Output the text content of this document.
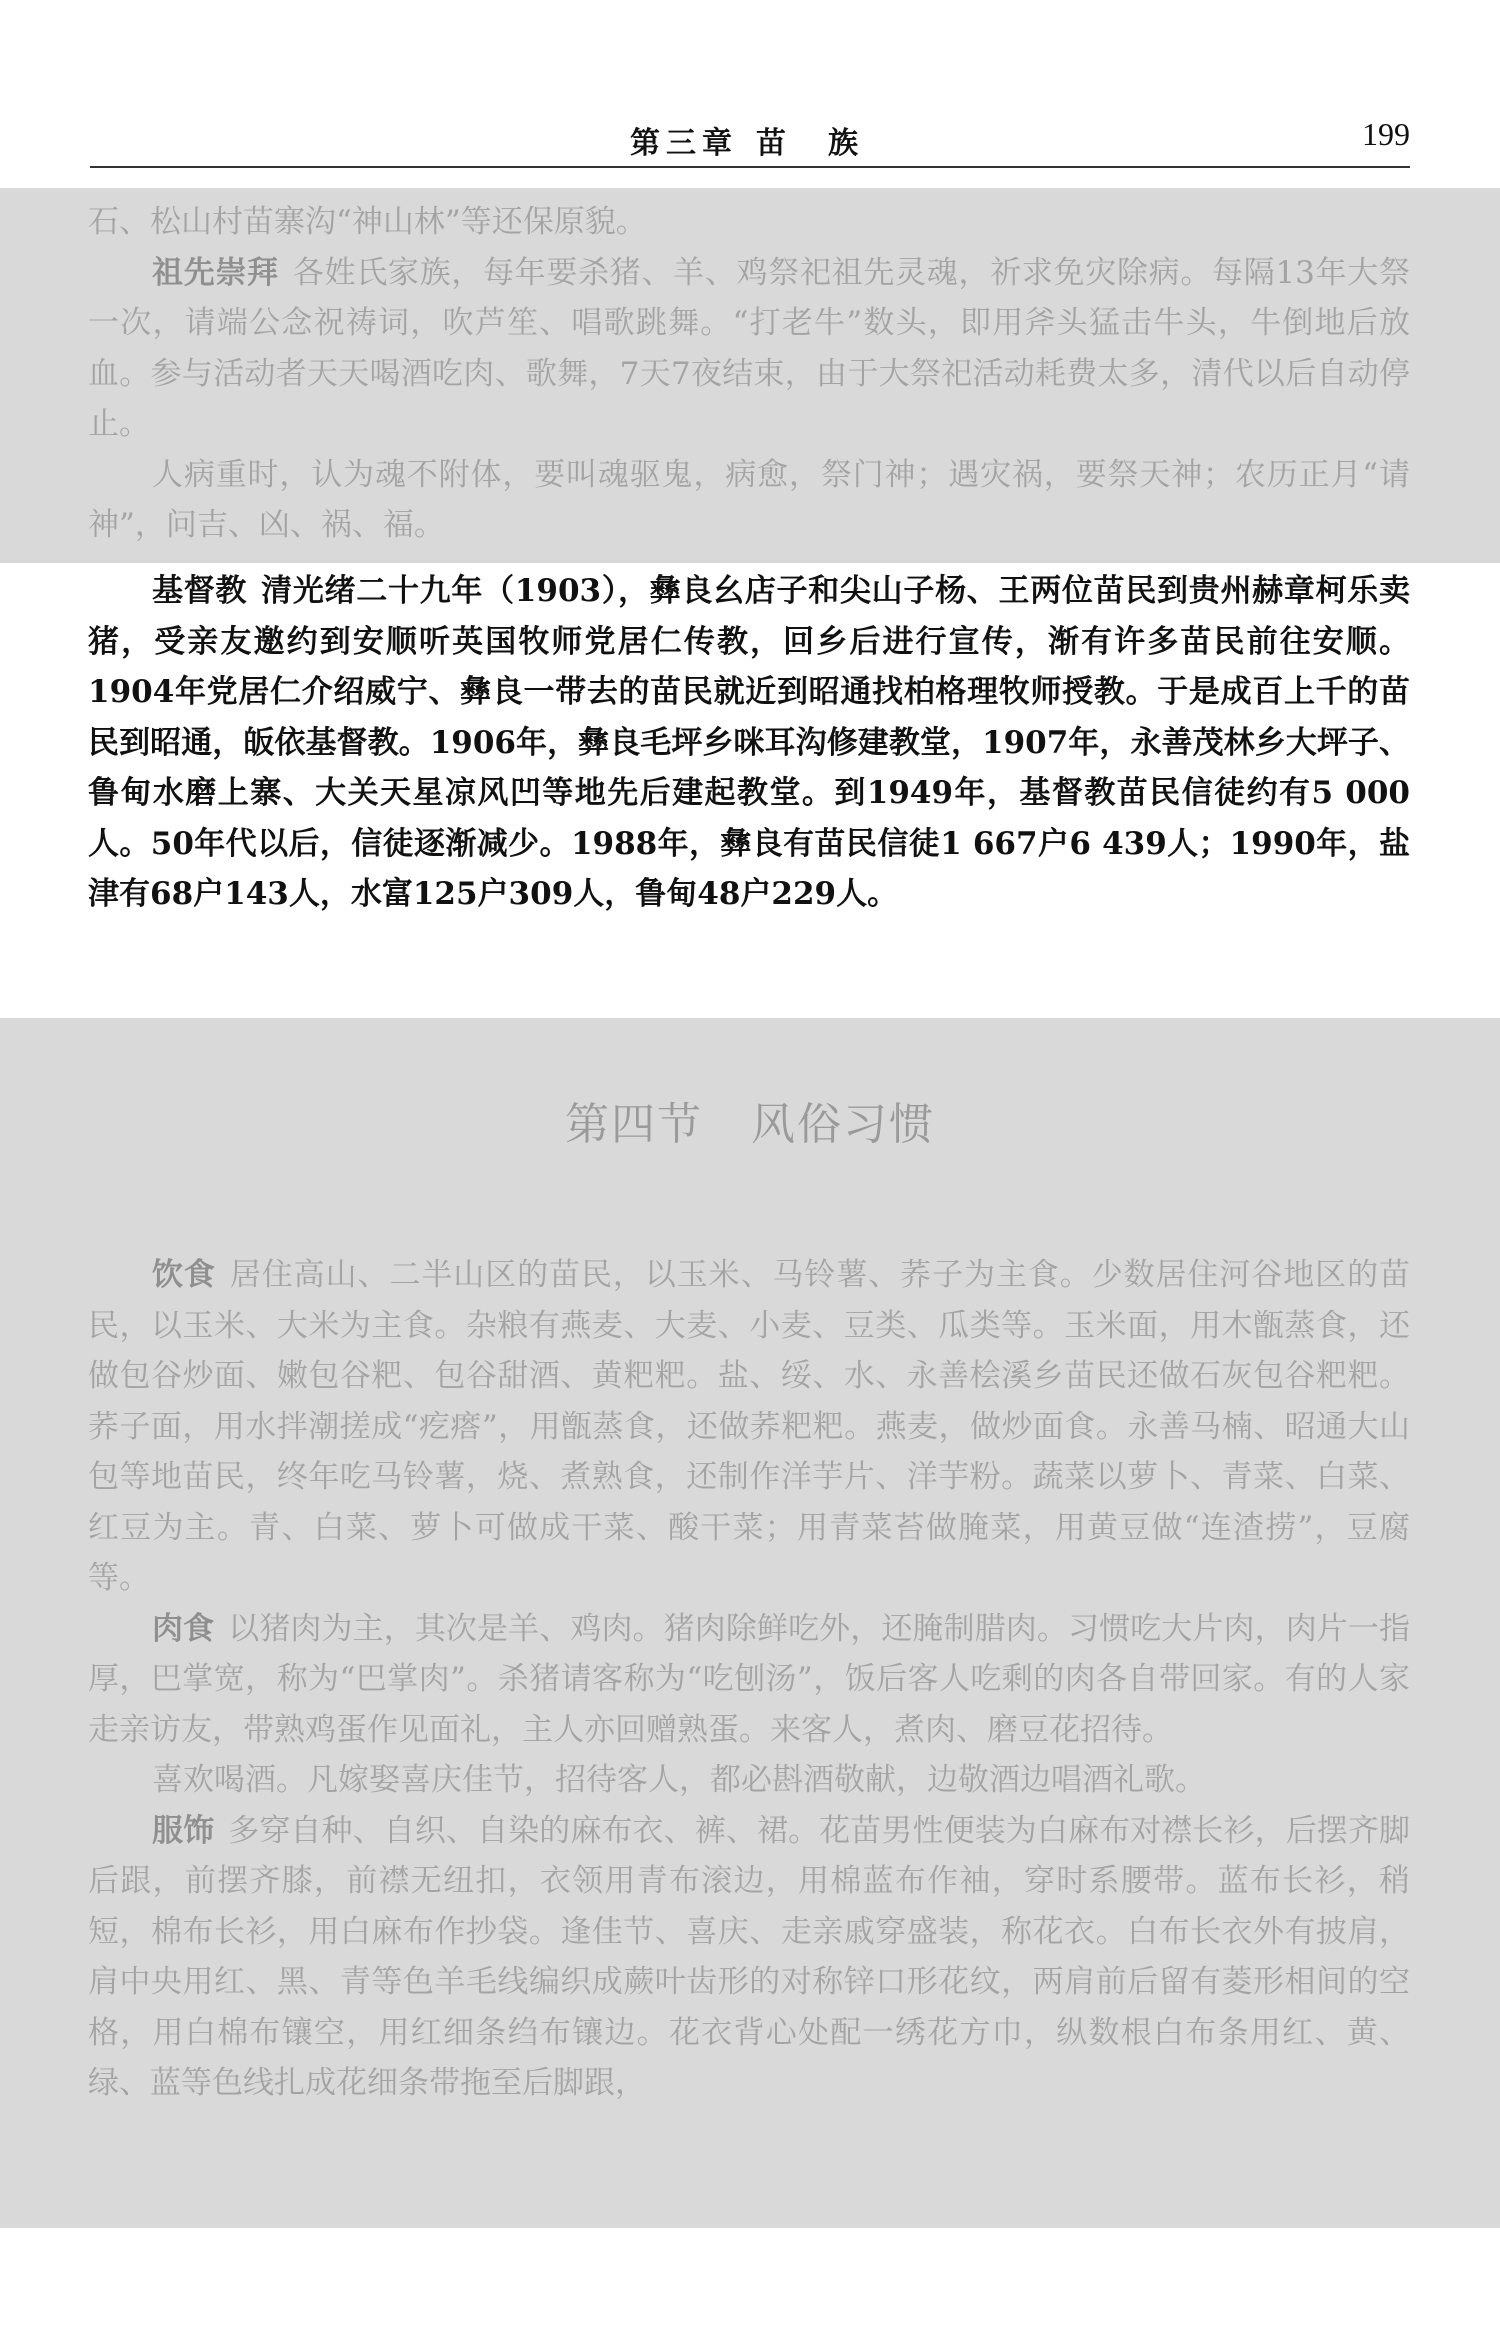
第三章 苗 族	199

石、松山村苗寨沟“神山林”等还保原貌。

祖先崇拜 各姓氏家族，每年要杀猪、羊、鸡祭祀祖先灵魂，祈求免灾除病。每隔13年大祭一次，请端公念祝祷词，吹芦笙、唱歌跳舞。“打老牛”数头，即用斧头猛击牛头，牛倒地后放血。参与活动者天天喝酒吃肉、歌舞，7天7夜结束，由于大祭祀活动耗费太多，清代以后自动停止。

人病重时，认为魂不附体，要叫魂驱鬼，病愈，祭门神；遇灾祸，要祭天神；农历正月“请神”，问吉、凶、祸、福。

基督教 清光绪二十九年（1903），彝良幺店子和尖山子杨、王两位苗民到贵州赫章柯乐卖猪，受亲友邀约到安顺听英国牧师党居仁传教，回乡后进行宣传，渐有许多苗民前往安顺。1904年党居仁介绍威宁、彝良一带去的苗民就近到昭通找柏格理牧师授教。于是成百上千的苗民到昭通，皈依基督教。1906年，彝良毛坪乡咪耳沟修建教堂，1907年，永善茂林乡大坪子、鲁甸水磨上寨、大关天星凉风凹等地先后建起教堂。到1949年，基督教苗民信徒约有5 000人。50年代以后，信徒逐渐减少。1988年，彝良有苗民信徒1 667户6 439人；1990年，盐津有68户143人，水富125户309人，鲁甸48户229人。

第四节 风俗习惯

饮食 居住高山、二半山区的苗民，以玉米、马铃薯、荞子为主食。少数居住河谷地区的苗民，以玉米、大米为主食。杂粮有燕麦、大麦、小麦、豆类、瓜类等。玉米面，用木甑蒸食，还做包谷炒面、嫩包谷粑、包谷甜酒、黄粑粑。盐、绥、水、永善桧溪乡苗民还做石灰包谷粑粑。荞子面，用水拌潮搓成“疙瘩”，用甑蒸食，还做荞粑粑。燕麦，做炒面食。永善马楠、昭通大山包等地苗民，终年吃马铃薯，烧、煮熟食，还制作洋芋片、洋芋粉。蔬菜以萝卜、青菜、白菜、红豆为主。青、白菜、萝卜可做成干菜、酸干菜；用青菜苔做腌菜，用黄豆做“连渣捞”，豆腐等。

肉食 以猪肉为主，其次是羊、鸡肉。猪肉除鲜吃外，还腌制腊肉。习惯吃大片肉，肉片一指厚，巴掌宽，称为“巴掌肉”。杀猪请客称为“吃刨汤”，饭后客人吃剩的肉各自带回家。有的人家走亲访友，带熟鸡蛋作见面礼，主人亦回赠熟蛋。来客人，煮肉、磨豆花招待。

喜欢喝酒。凡嫁娶喜庆佳节，招待客人，都必斟酒敬献，边敬酒边唱酒礼歌。

服饰 多穿自种、自织、自染的麻布衣、裤、裙。花苗男性便装为白麻布对襟长衫，后摆齐脚后跟，前摆齐膝，前襟无纽扣，衣领用青布滚边，用棉蓝布作袖，穿时系腰带。蓝布长衫，稍短，棉布长衫，用白麻布作抄袋。逢佳节、喜庆、走亲戚穿盛装，称花衣。白布长衣外有披肩，肩中央用红、黑、青等色羊毛线编织成蕨叶齿形的对称锌口形花纹，两肩前后留有菱形相间的空格，用白棉布镶空，用红细条绉布镶边。花衣背心处配一绣花方巾，纵数根白布条用红、黄、绿、蓝等色线扎成花细条带拖至后脚跟，
